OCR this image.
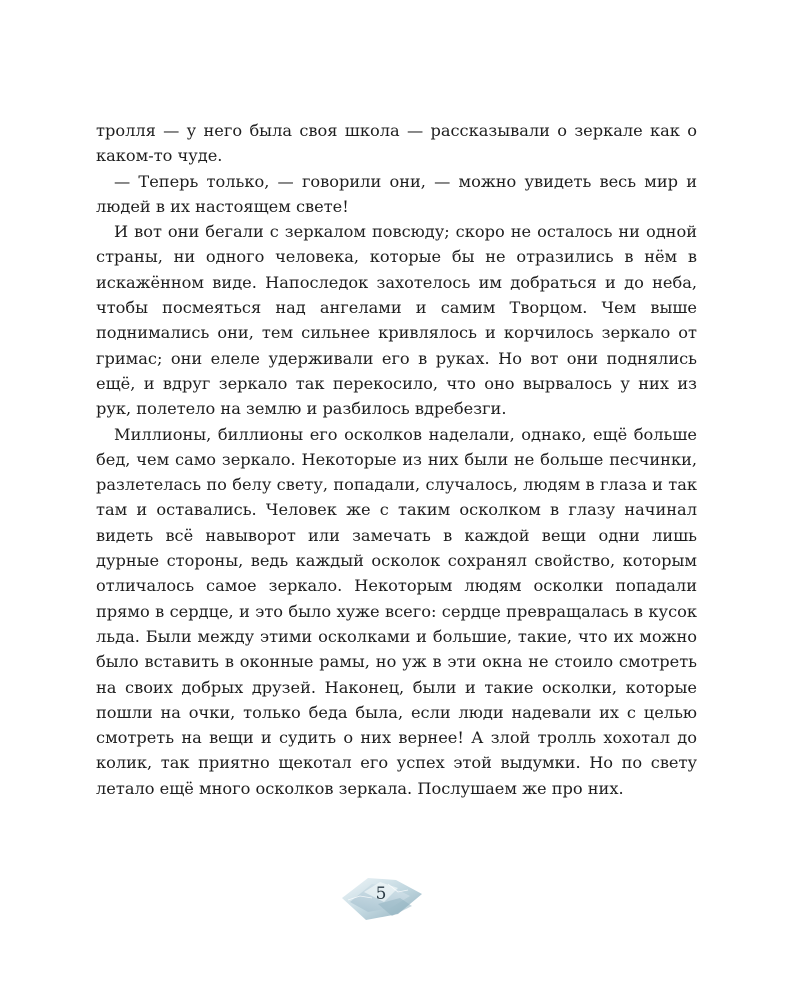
тролля — у него была своя школа — рассказывали о зеркале как о каком-то чуде.

— Теперь только, — говорили они, — можно увидеть весь мир и людей в их настоящем свете!

И вот они бегали с зеркалом повсюду; скоро не осталось ни одной страны, ни одного человека, которые бы не отразились в нём в искажённом виде. Напоследок захотелось им добраться и до неба, чтобы посмеяться над ангелами и самим Творцом. Чем выше поднимались они, тем сильнее кривлялось и корчилось зеркало от гримас; они елеле удерживали его в руках. Но вот они поднялись ещё, и вдруг зеркало так перекосило, что оно вырвалось у них из рук, полетело на землю и разбилось вдребезги.

Миллионы, биллионы его осколков наделали, однако, ещё больше бед, чем само зеркало. Некоторые из них были не больше песчинки, разлетелась по белу свету, попадали, случалось, людям в глаза и так там и оставались. Человек же с таким осколком в глазу начинал видеть всё навыворот или замечать в каждой вещи одни лишь дурные стороны, ведь каждый осколок сохранял свойство, которым отличалось самое зеркало. Некоторым людям осколки попадали прямо в сердце, и это было хуже всего: сердце превращалась в кусок льда. Были между этими осколками и большие, такие, что их можно было вставить в оконные рамы, но уж в эти окна не стоило смотреть на своих добрых друзей. Наконец, были и такие осколки, которые пошли на очки, только беда была, если люди надевали их с целью смотреть на вещи и судить о них вернее! А злой тролль хохотал до колик, так приятно щекотал его успех этой выдумки. Но по свету летало ещё много осколков зеркала. Послушаем же про них.

5
